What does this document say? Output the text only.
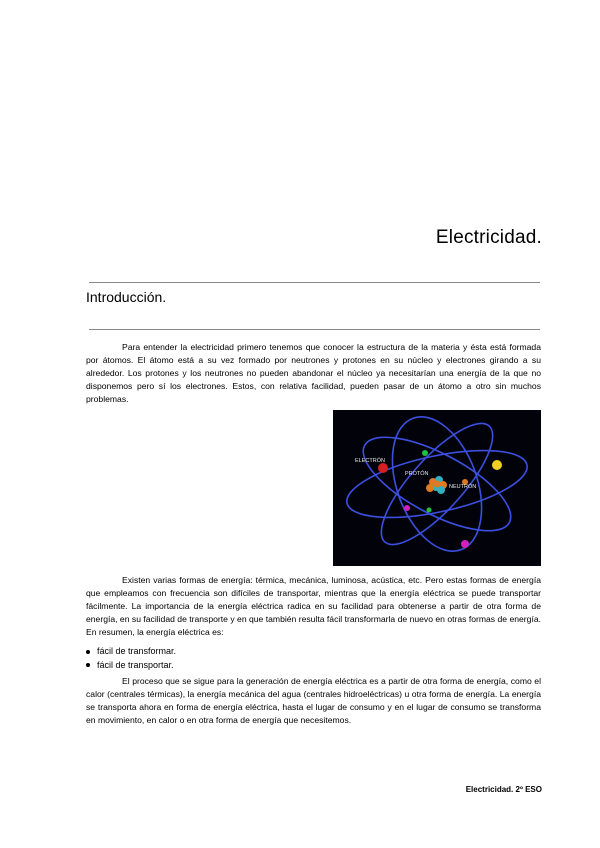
Electricidad.
Introducción.

Para entender la electricidad primero tenemos que conocer la estructura de la materia y ésta está formada por átomos. El átomo está a su vez formado por neutrones y protones en su núcleo y electrones girando a su alrededor. Los protones y los neutrones no pueden abandonar el núcleo ya necesitarían una energía de la que no disponemos pero sí los electrones. Estos, con relativa facilidad, pueden pasar de un átomo a otro sin muchos problemas.

ELECTRÓN
PROTÓN
NEUTRÓN

Existen varias formas de energía: térmica, mecánica, luminosa, acústica, etc. Pero estas formas de energía que empleamos con frecuencia son difíciles de transportar, mientras que la energía eléctrica se puede transportar fácilmente. La importancia de la energía eléctrica radica en su facilidad para obtenerse a partir de otra forma de energía, en su facilidad de transporte y en que también resulta fácil transformarla de nuevo en otras formas de energía. En resumen, la energía eléctrica es:

fácil de transformar.
fácil de transportar.

El proceso que se sigue para la generación de energía eléctrica es a partir de otra forma de energía, como el calor (centrales térmicas), la energía mecánica del agua (centrales hidroeléctricas) u otra forma de energía. La energía se transporta ahora en forma de energía eléctrica, hasta el lugar de consumo y en el lugar de consumo se transforma en movimiento, en calor o en otra forma de energía que necesitemos.

Electricidad. 2º ESO
